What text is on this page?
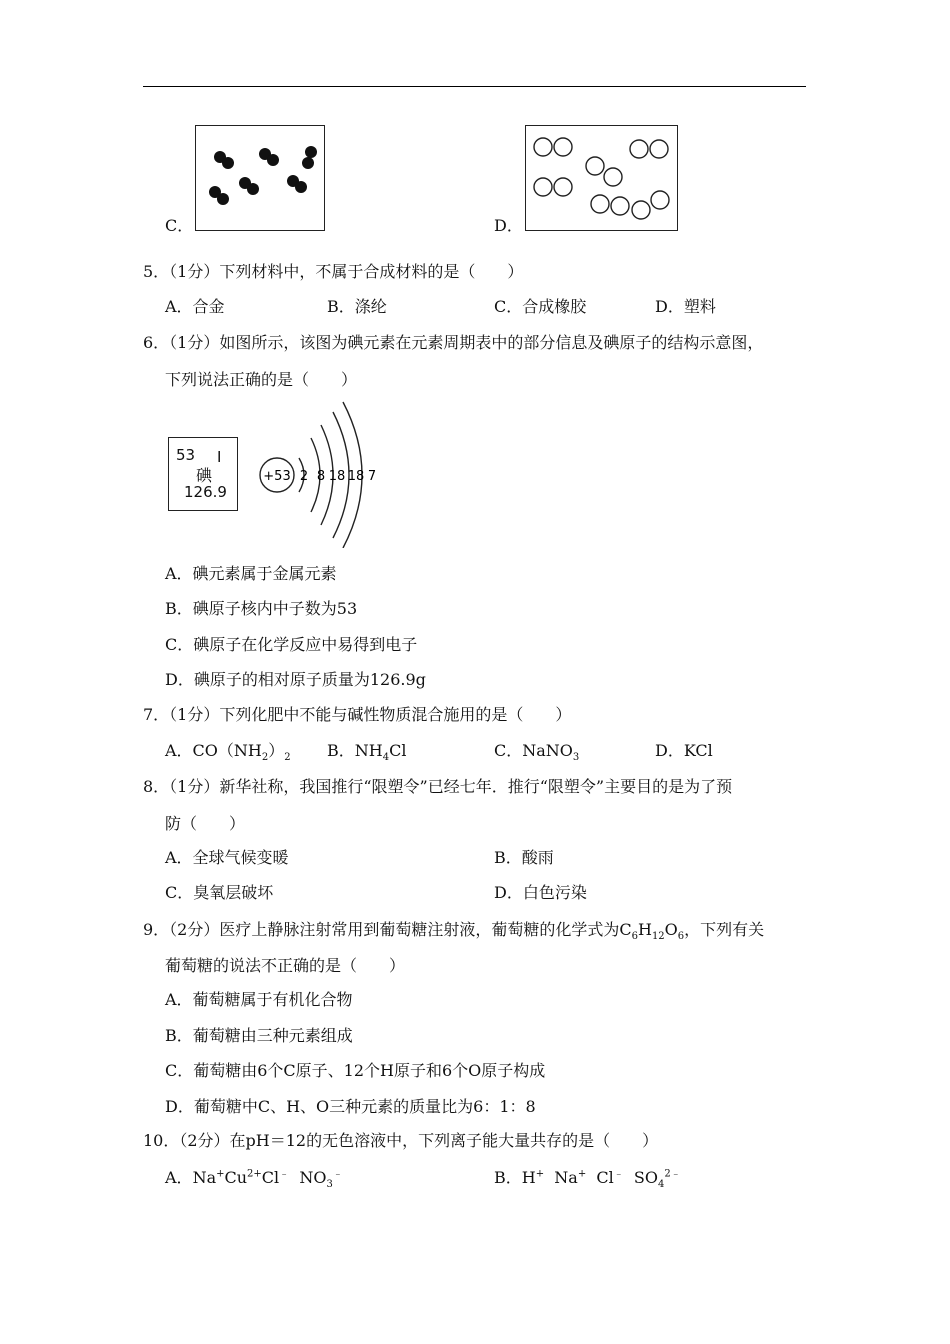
C．	D．
5．（1分）下列材料中，不属于合成材料的是（　　）
A．合金	B．涤纶	C．合成橡胶	D．塑料
6．（1分）如图所示，该图为碘元素在元素周期表中的部分信息及碘原子的结构示意图，
下列说法正确的是（　　）
53 I
碘
126.9
+53 2 8 18 18 7
A．碘元素属于金属元素
B．碘原子核内中子数为53
C．碘原子在化学反应中易得到电子
D．碘原子的相对原子质量为126.9g
7．（1分）下列化肥中不能与碱性物质混合施用的是（　　）
A．$CO(NH_2)_2$ B．$NH_4Cl$	C．NaNO$_3$	D．KCl
8．（1分）新华社称，我国推行“限塑令”已经七年．推行“限塑令”主要目的是为了预
防（　　）
A．全球气候变暖	B．酸雨
C．臭氧层破坏	D．白色污染
9．（2分）医疗上静脉注射常用到葡萄糖注射液，葡萄糖的化学式为$C_6H_{12}O_6$，下列有关
葡萄糖的说法不正确的是（　　）
A．葡萄糖属于有机化合物
B．葡萄糖由三种元素组成
C．葡萄糖由6个C原子、12个H原子和6个O原子构成
D．葡萄糖中C、H、O三种元素的质量比为6：1：8
10．（2分）在pH＝12的无色溶液中，下列离子能大量共存的是（　　）
A．$Na^+Cu^{2+}Cl^﹣$ $NO_3^﹣$	B．H+ Na+ Cl﹣ $SO_4^{2﹣}$
